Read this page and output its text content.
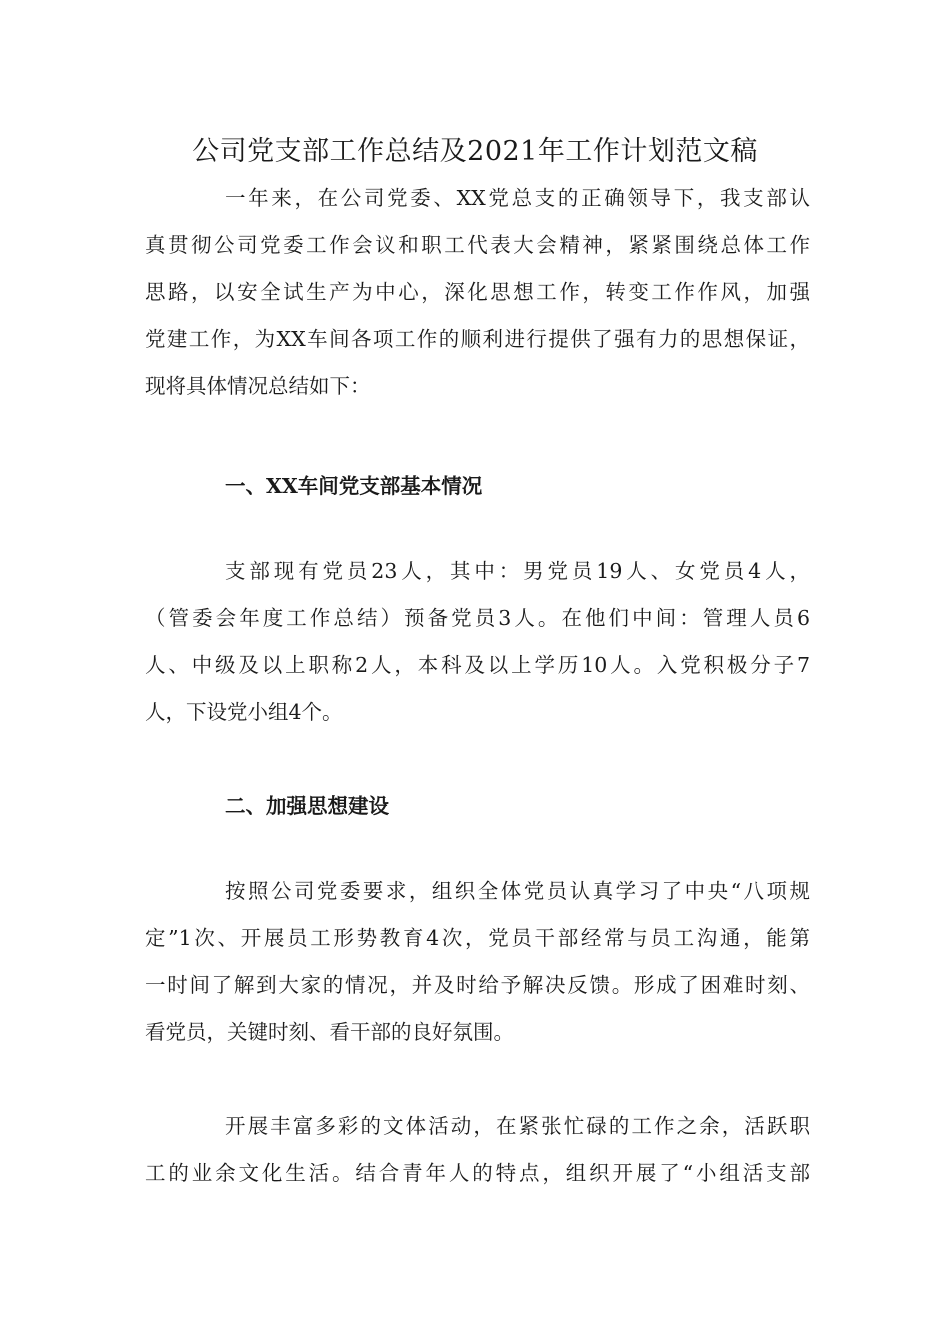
公司党支部工作总结及2021年工作计划范文稿
一年来，在公司党委、XX党总支的正确领导下，我支部认
真贯彻公司党委工作会议和职工代表大会精神，紧紧围绕总体工作
思路，以安全试生产为中心，深化思想工作，转变工作作风，加强
党建工作，为XX车间各项工作的顺利进行提供了强有力的思想保证，
现将具体情况总结如下：
一、XX车间党支部基本情况
支部现有党员23人，其中：男党员19人、女党员4人，
（管委会年度工作总结）预备党员3人。在他们中间：管理人员6
人、中级及以上职称2人，本科及以上学历10人。入党积极分子7
人，下设党小组4个。
二、加强思想建设
按照公司党委要求，组织全体党员认真学习了中央“八项规
定”1次、开展员工形势教育4次，党员干部经常与员工沟通，能第
一时间了解到大家的情况，并及时给予解决反馈。形成了困难时刻、
看党员，关键时刻、看干部的良好氛围。
开展丰富多彩的文体活动，在紧张忙碌的工作之余，活跃职
工的业余文化生活。结合青年人的特点，组织开展了“小组活支部
